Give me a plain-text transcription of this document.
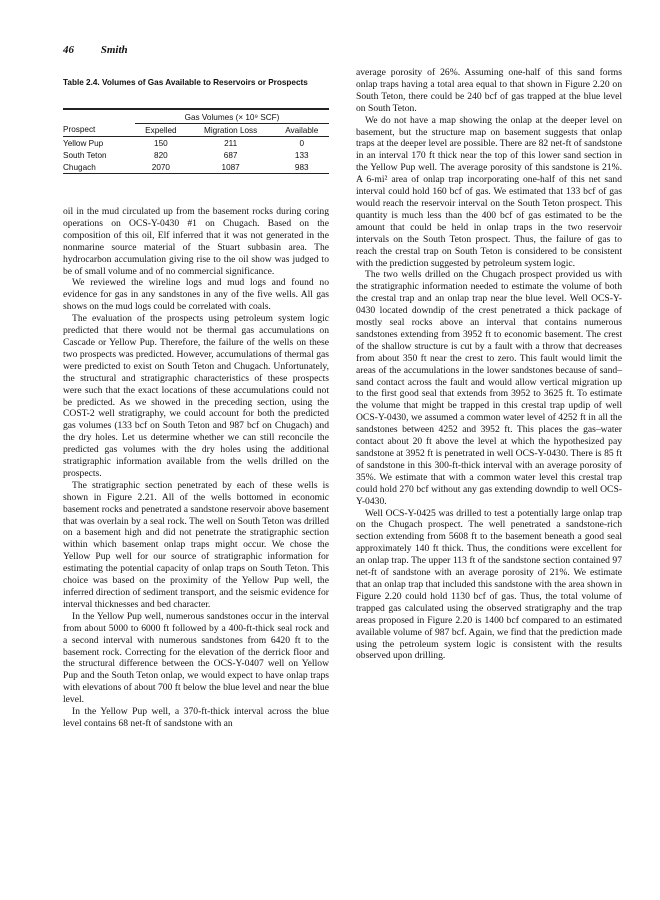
46 Smith
Table 2.4. Volumes of Gas Available to Reservoirs or Prospects
	Gas Volumes (× 10⁹ SCF)		
Prospect	Expelled	Migration Loss	Available
Yellow Pup	150	211	0
South Teton	820	687	133
Chugach	2070	1087	983

oil in the mud circulated up from the basement rocks during coring operations on OCS-Y-0430 #1 on Chugach. Based on the composition of this oil, Elf inferred that it was not generated in the nonmarine source material of the Stuart subbasin area. The hydrocarbon accumulation giving rise to the oil show was judged to be of small volume and of no commercial significance.

We reviewed the wireline logs and mud logs and found no evidence for gas in any sandstones in any of the five wells. All gas shows on the mud logs could be correlated with coals.

The evaluation of the prospects using petroleum system logic predicted that there would not be thermal gas accumulations on Cascade or Yellow Pup. Therefore, the failure of the wells on these two prospects was predicted. However, accumulations of thermal gas were predicted to exist on South Teton and Chugach. Unfortunately, the structural and stratigraphic characteristics of these prospects were such that the exact locations of these accumulations could not be predicted. As we showed in the preceding section, using the COST-2 well stratigraphy, we could account for both the predicted gas volumes (133 bcf on South Teton and 987 bcf on Chugach) and the dry holes. Let us determine whether we can still reconcile the predicted gas volumes with the dry holes using the additional stratigraphic information available from the wells drilled on the prospects.

The stratigraphic section penetrated by each of these wells is shown in Figure 2.21. All of the wells bottomed in economic basement rocks and penetrated a sandstone reservoir above basement that was overlain by a seal rock. The well on South Teton was drilled on a basement high and did not penetrate the stratigraphic section within which basement onlap traps might occur. We chose the Yellow Pup well for our source of stratigraphic information for estimating the potential capacity of onlap traps on South Teton. This choice was based on the proximity of the Yellow Pup well, the inferred direction of sediment transport, and the seismic evidence for interval thicknesses and bed character.

In the Yellow Pup well, numerous sandstones occur in the interval from about 5000 to 6000 ft followed by a 400-ft-thick seal rock and a second interval with numerous sandstones from 6420 ft to the basement rock. Correcting for the elevation of the derrick floor and the structural difference between the OCS-Y-0407 well on Yellow Pup and the South Teton onlap, we would expect to have onlap traps with elevations of about 700 ft below the blue level and near the blue level.

In the Yellow Pup well, a 370-ft-thick interval across the blue level contains 68 net-ft of sandstone with an

average porosity of 26%. Assuming one-half of this sand forms onlap traps having a total area equal to that shown in Figure 2.20 on South Teton, there could be 240 bcf of gas trapped at the blue level on South Teton.

We do not have a map showing the onlap at the deeper level on basement, but the structure map on basement suggests that onlap traps at the deeper level are possible. There are 82 net-ft of sandstone in an interval 170 ft thick near the top of this lower sand section in the Yellow Pup well. The average porosity of this sandstone is 21%. A 6-mi² area of onlap trap incorporating one-half of this net sand interval could hold 160 bcf of gas. We estimated that 133 bcf of gas would reach the reservoir interval on the South Teton prospect. This quantity is much less than the 400 bcf of gas estimated to be the amount that could be held in onlap traps in the two reservoir intervals on the South Teton prospect. Thus, the failure of gas to reach the crestal trap on South Teton is considered to be consistent with the prediction suggested by petroleum system logic.

The two wells drilled on the Chugach prospect provided us with the stratigraphic information needed to estimate the volume of both the crestal trap and an onlap trap near the blue level. Well OCS-Y-0430 located downdip of the crest penetrated a thick package of mostly seal rocks above an interval that contains numerous sandstones extending from 3952 ft to economic basement. The crest of the shallow structure is cut by a fault with a throw that decreases from about 350 ft near the crest to zero. This fault would limit the areas of the accumulations in the lower sandstones because of sand–sand contact across the fault and would allow vertical migration up to the first good seal that extends from 3952 to 3625 ft. To estimate the volume that might be trapped in this crestal trap updip of well OCS-Y-0430, we assumed a common water level of 4252 ft in all the sandstones between 4252 and 3952 ft. This places the gas–water contact about 20 ft above the level at which the hypothesized pay sandstone at 3952 ft is penetrated in well OCS-Y-0430. There is 85 ft of sandstone in this 300-ft-thick interval with an average porosity of 35%. We estimate that with a common water level this crestal trap could hold 270 bcf without any gas extending downdip to well OCS-Y-0430.

Well OCS-Y-0425 was drilled to test a potentially large onlap trap on the Chugach prospect. The well penetrated a sandstone-rich section extending from 5608 ft to the basement beneath a good seal approximately 140 ft thick. Thus, the conditions were excellent for an onlap trap. The upper 113 ft of the sandstone section contained 97 net-ft of sandstone with an average porosity of 21%. We estimate that an onlap trap that included this sandstone with the area shown in Figure 2.20 could hold 1130 bcf of gas. Thus, the total volume of trapped gas calculated using the observed stratigraphy and the trap areas proposed in Figure 2.20 is 1400 bcf compared to an estimated available volume of 987 bcf. Again, we find that the prediction made using the petroleum system logic is consistent with the results observed upon drilling.
